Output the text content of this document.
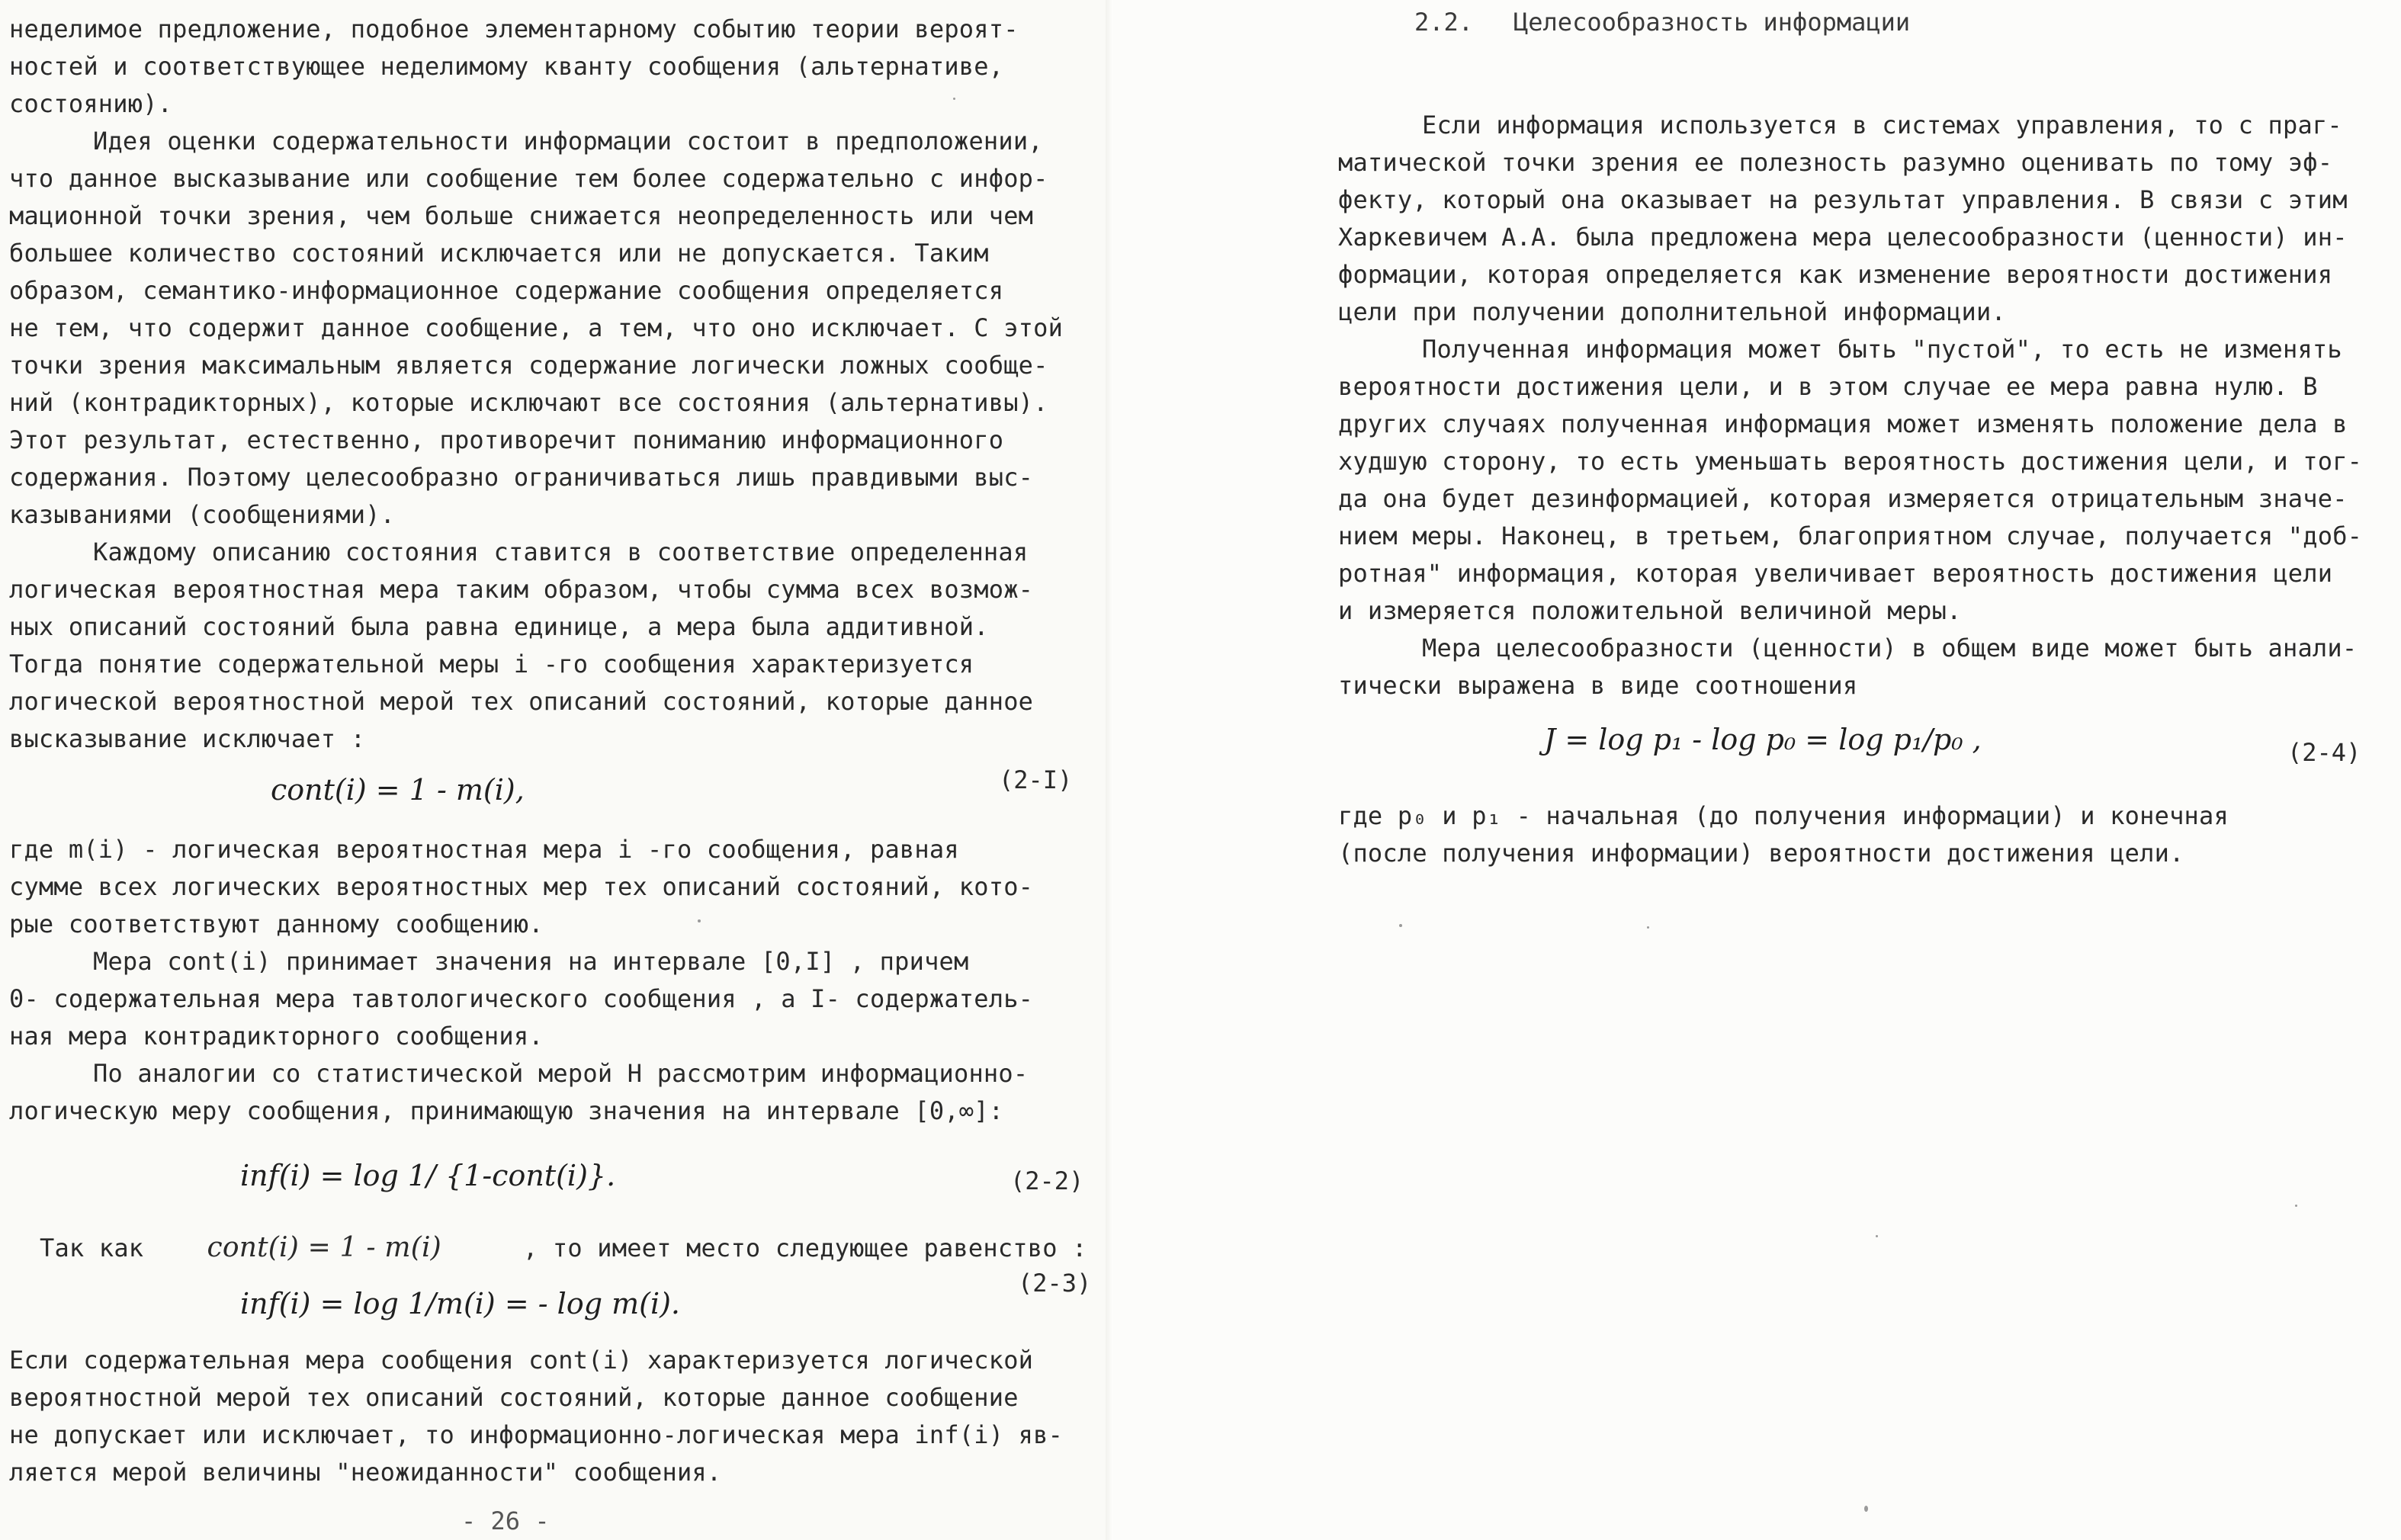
неделимое предложение, подобное элементарному событию теории вероят-
ностей и соответствующее неделимому кванту сообщения (альтернативе,
состоянию).
Идея оценки содержательности информации состоит в предположении,
что данное высказывание или сообщение тем более содержательно с инфор-
мационной точки зрения, чем больше снижается неопределенность или чем
большее количество состояний исключается или не допускается. Таким
образом, семантико-информационное содержание сообщения определяется
не тем, что содержит данное сообщение, а тем, что оно исключает. С этой
точки зрения максимальным является содержание логически ложных сообще-
ний (контрадикторных), которые исключают все состояния (альтернативы).
Этот результат, естественно, противоречит пониманию информационного
содержания. Поэтому целесообразно ограничиваться лишь правдивыми выс-
казываниями (сообщениями).
Каждому описанию состояния ставится в соответствие определенная
логическая вероятностная мера таким образом, чтобы сумма всех возмож-
ных описаний состояний была равна единице, а мера была аддитивной.
Тогда понятие содержательной меры i -го сообщения характеризуется
логической вероятностной мерой тех описаний состояний, которые данное
высказывание исключает :
cont(i) = 1 - m(i),	(2-I)
где m(i) - логическая вероятностная мера i -го сообщения, равная
сумме всех логических вероятностных мер тех описаний состояний, кото-
рые соответствуют данному сообщению.
Мера cont(i) принимает значения на интервале [0,I] , причем
0- содержательная мера тавтологического сообщения , а I- содержатель-
ная мера контрадикторного сообщения.
По аналогии со статистической мерой H рассмотрим информационно-
логическую меру сообщения, принимающую значения на интервале [0,∞]:
inf(i) = log 1/ {1-cont(i)}.	(2-2)
Так как cont(i) = 1 - m(i)	, то имеет место следующее равенство :
inf(i) = log 1/m(i) = - log m(i).
(2-3)
Если содержательная мера сообщения cont(i) характеризуется логической
вероятностной мерой тех описаний состояний, которые данное сообщение
не допускает или исключает, то информационно-логическая мера inf(i) яв-
ляется мерой величины "неожиданности" сообщения.
- 26 -
2.2. Целесообразность информации
Если информация используется в системах управления, то с праг-
матической точки зрения ее полезность разумно оценивать по тому эф-
фекту, который она оказывает на результат управления. В связи с этим
Харкевичем А.А. была предложена мера целесообразности (ценности) ин-
формации, которая определяется как изменение вероятности достижения
цели при получении дополнительной информации.
Полученная информация может быть "пустой", то есть не изменять
вероятности достижения цели, и в этом случае ее мера равна нулю. В
других случаях полученная информация может изменять положение дела в
худшую сторону, то есть уменьшать вероятность достижения цели, и тог-
да она будет дезинформацией, которая измеряется отрицательным значе-
нием меры. Наконец, в третьем, благоприятном случае, получается "доб-
ротная" информация, которая увеличивает вероятность достижения цели
и измеряется положительной величиной меры.
Мера целесообразности (ценности) в общем виде может быть анали-
тически выражена в виде соотношения
J = log p₁ - log p₀ = log p₁/p₀ ,	(2-4)
где p₀ и p₁ - начальная (до получения информации) и конечная
(после получения информации) вероятности достижения цели.
